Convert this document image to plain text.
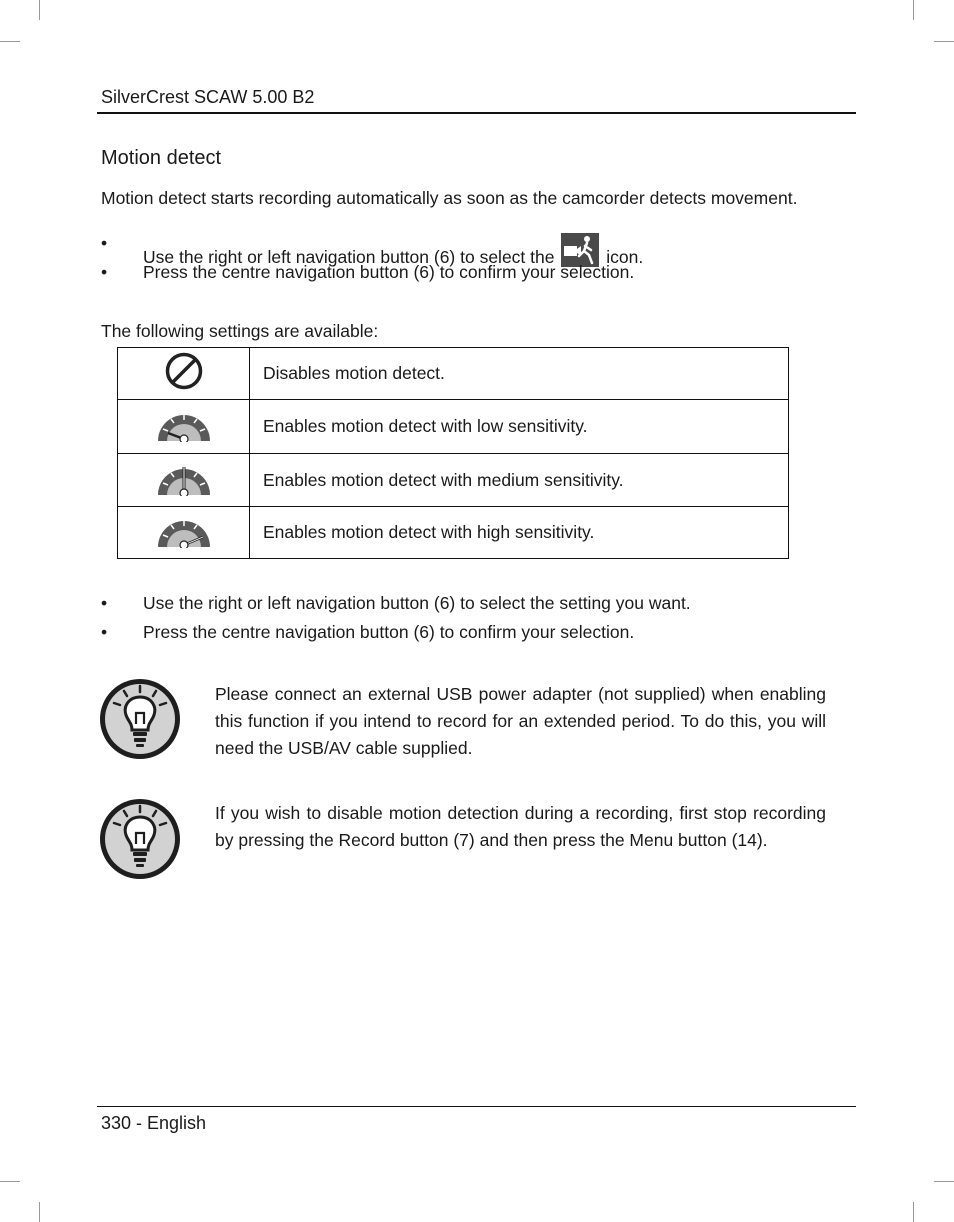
SilverCrest SCAW 5.00 B2
Motion detect
Motion detect starts recording automatically as soon as the camcorder detects movement.
•
Use the right or left navigation button (6) to select the	icon.
• Press the centre navigation button (6) to confirm your selection.
The following settings are available:
	Disables motion detect.
	Enables motion detect with low sensitivity.
	Enables motion detect with medium sensitivity.
	Enables motion detect with high sensitivity.
• Use the right or left navigation button (6) to select the setting you want.
• Press the centre navigation button (6) to confirm your selection.
Please connect an external USB power adapter (not supplied) when enabling this function if you intend to record for an extended period. To do this, you will need the USB/AV cable supplied.
If you wish to disable motion detection during a recording, first stop recording by pressing the Record button (7) and then press the Menu button (14).
330 - English
